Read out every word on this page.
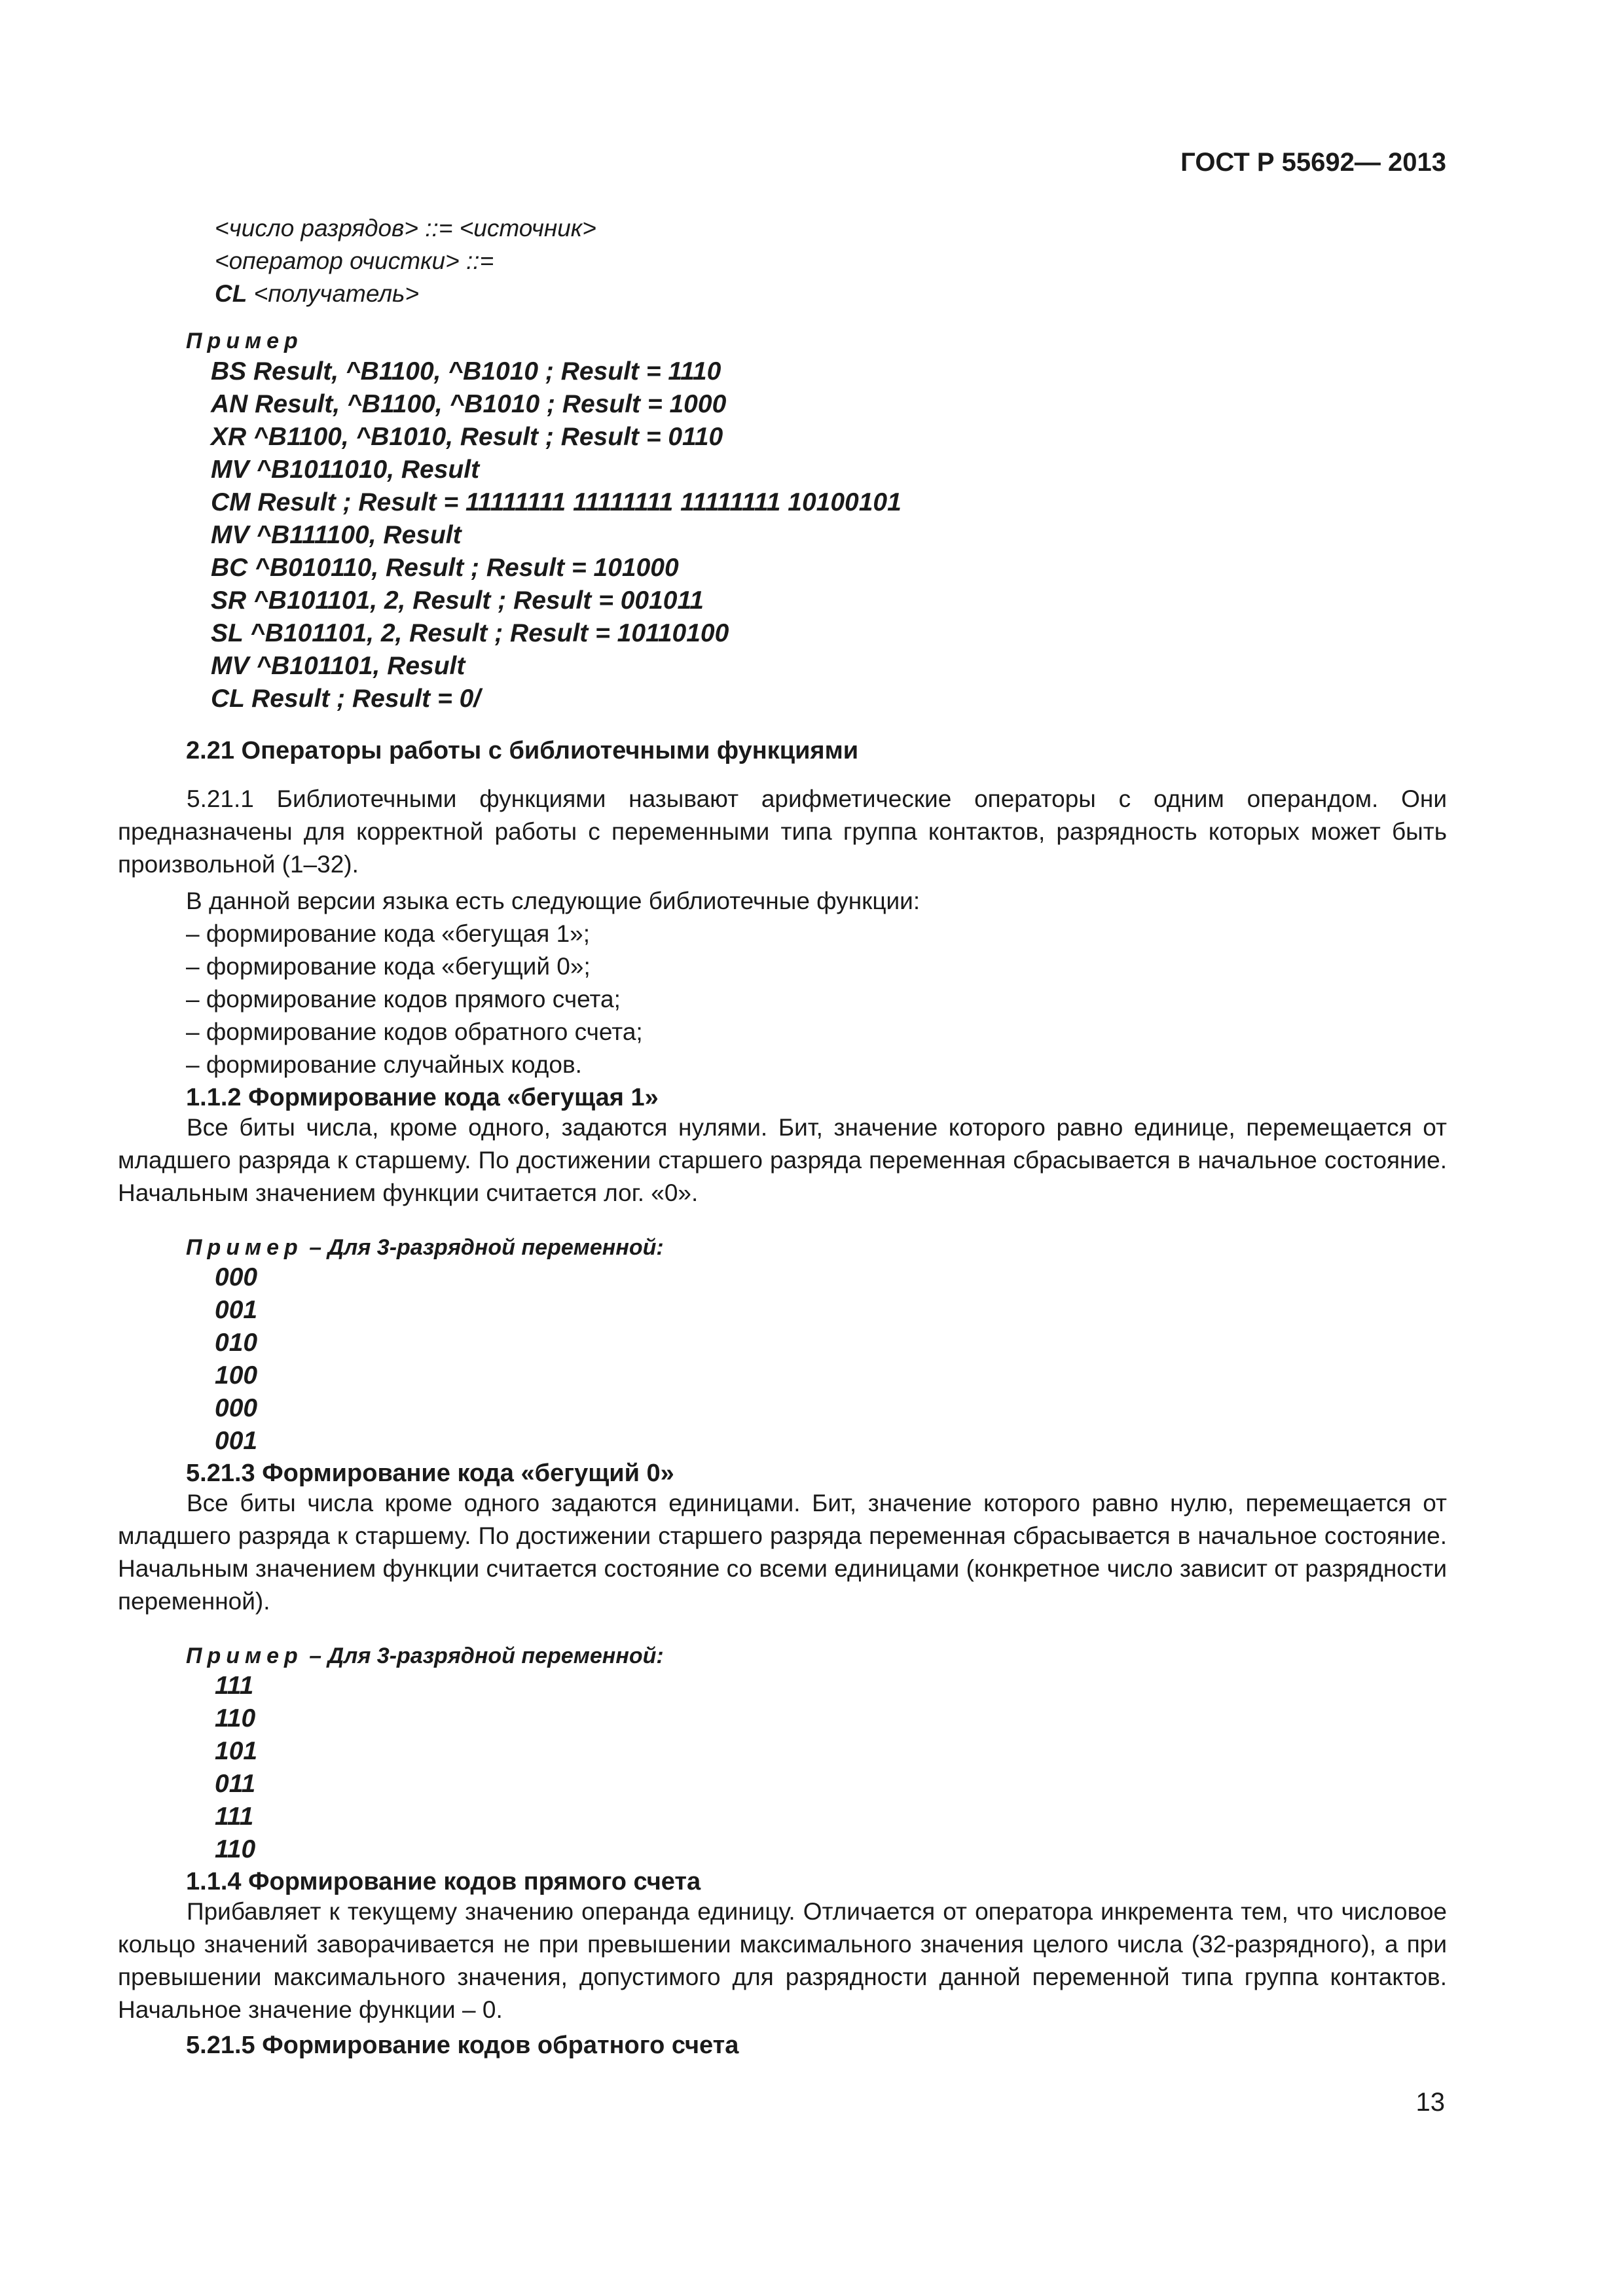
ГОСТ Р 55692— 2013
<число разрядов> ::= <источник>
<оператор очистки> ::=
CL <получатель>
Пример
BS Result, ^B1100, ^B1010 ; Result = 1110
AN Result, ^B1100, ^B1010 ; Result = 1000
XR ^B1100, ^B1010, Result ; Result = 0110
MV ^B1011010, Result
CM Result ; Result = 11111111 11111111 11111111 10100101
MV ^B111100, Result
BC ^B010110, Result ; Result = 101000
SR ^B101101, 2, Result ; Result = 001011
SL ^B101101, 2, Result ; Result = 10110100
MV ^B101101, Result
CL Result ; Result = 0/
2.21 Операторы работы с библиотечными функциями
5.21.1 Библиотечными функциями называют арифметические операторы с одним операндом. Они предназначены для корректной работы с переменными типа группа контактов, разрядность которых может быть произвольной (1–32).
В данной версии языка есть следующие библиотечные функции:
– формирование кода «бегущая 1»;
– формирование кода «бегущий 0»;
– формирование кодов прямого счета;
– формирование кодов обратного счета;
– формирование случайных кодов.
1.1.2 Формирование кода «бегущая 1»
Все биты числа, кроме одного, задаются нулями. Бит, значение которого равно единице, перемещается от младшего разряда к старшему. По достижении старшего разряда переменная сбрасывается в начальное состояние. Начальным значением функции считается лог. «0».
Пример – Для 3-разрядной переменной:
000
001
010
100
000
001
5.21.3 Формирование кода «бегущий 0»
Все биты числа кроме одного задаются единицами. Бит, значение которого равно нулю, перемещается от младшего разряда к старшему. По достижении старшего разряда переменная сбрасывается в начальное состояние. Начальным значением функции считается состояние со всеми единицами (конкретное число зависит от разрядности переменной).
Пример – Для 3-разрядной переменной:
111
110
101
011
111
110
1.1.4 Формирование кодов прямого счета
Прибавляет к текущему значению операнда единицу. Отличается от оператора инкремента тем, что числовое кольцо значений заворачивается не при превышении максимального значения целого числа (32-разрядного), а при превышении максимального значения, допустимого для разрядности данной переменной типа группа контактов. Начальное значение функции – 0.
5.21.5 Формирование кодов обратного счета
13
